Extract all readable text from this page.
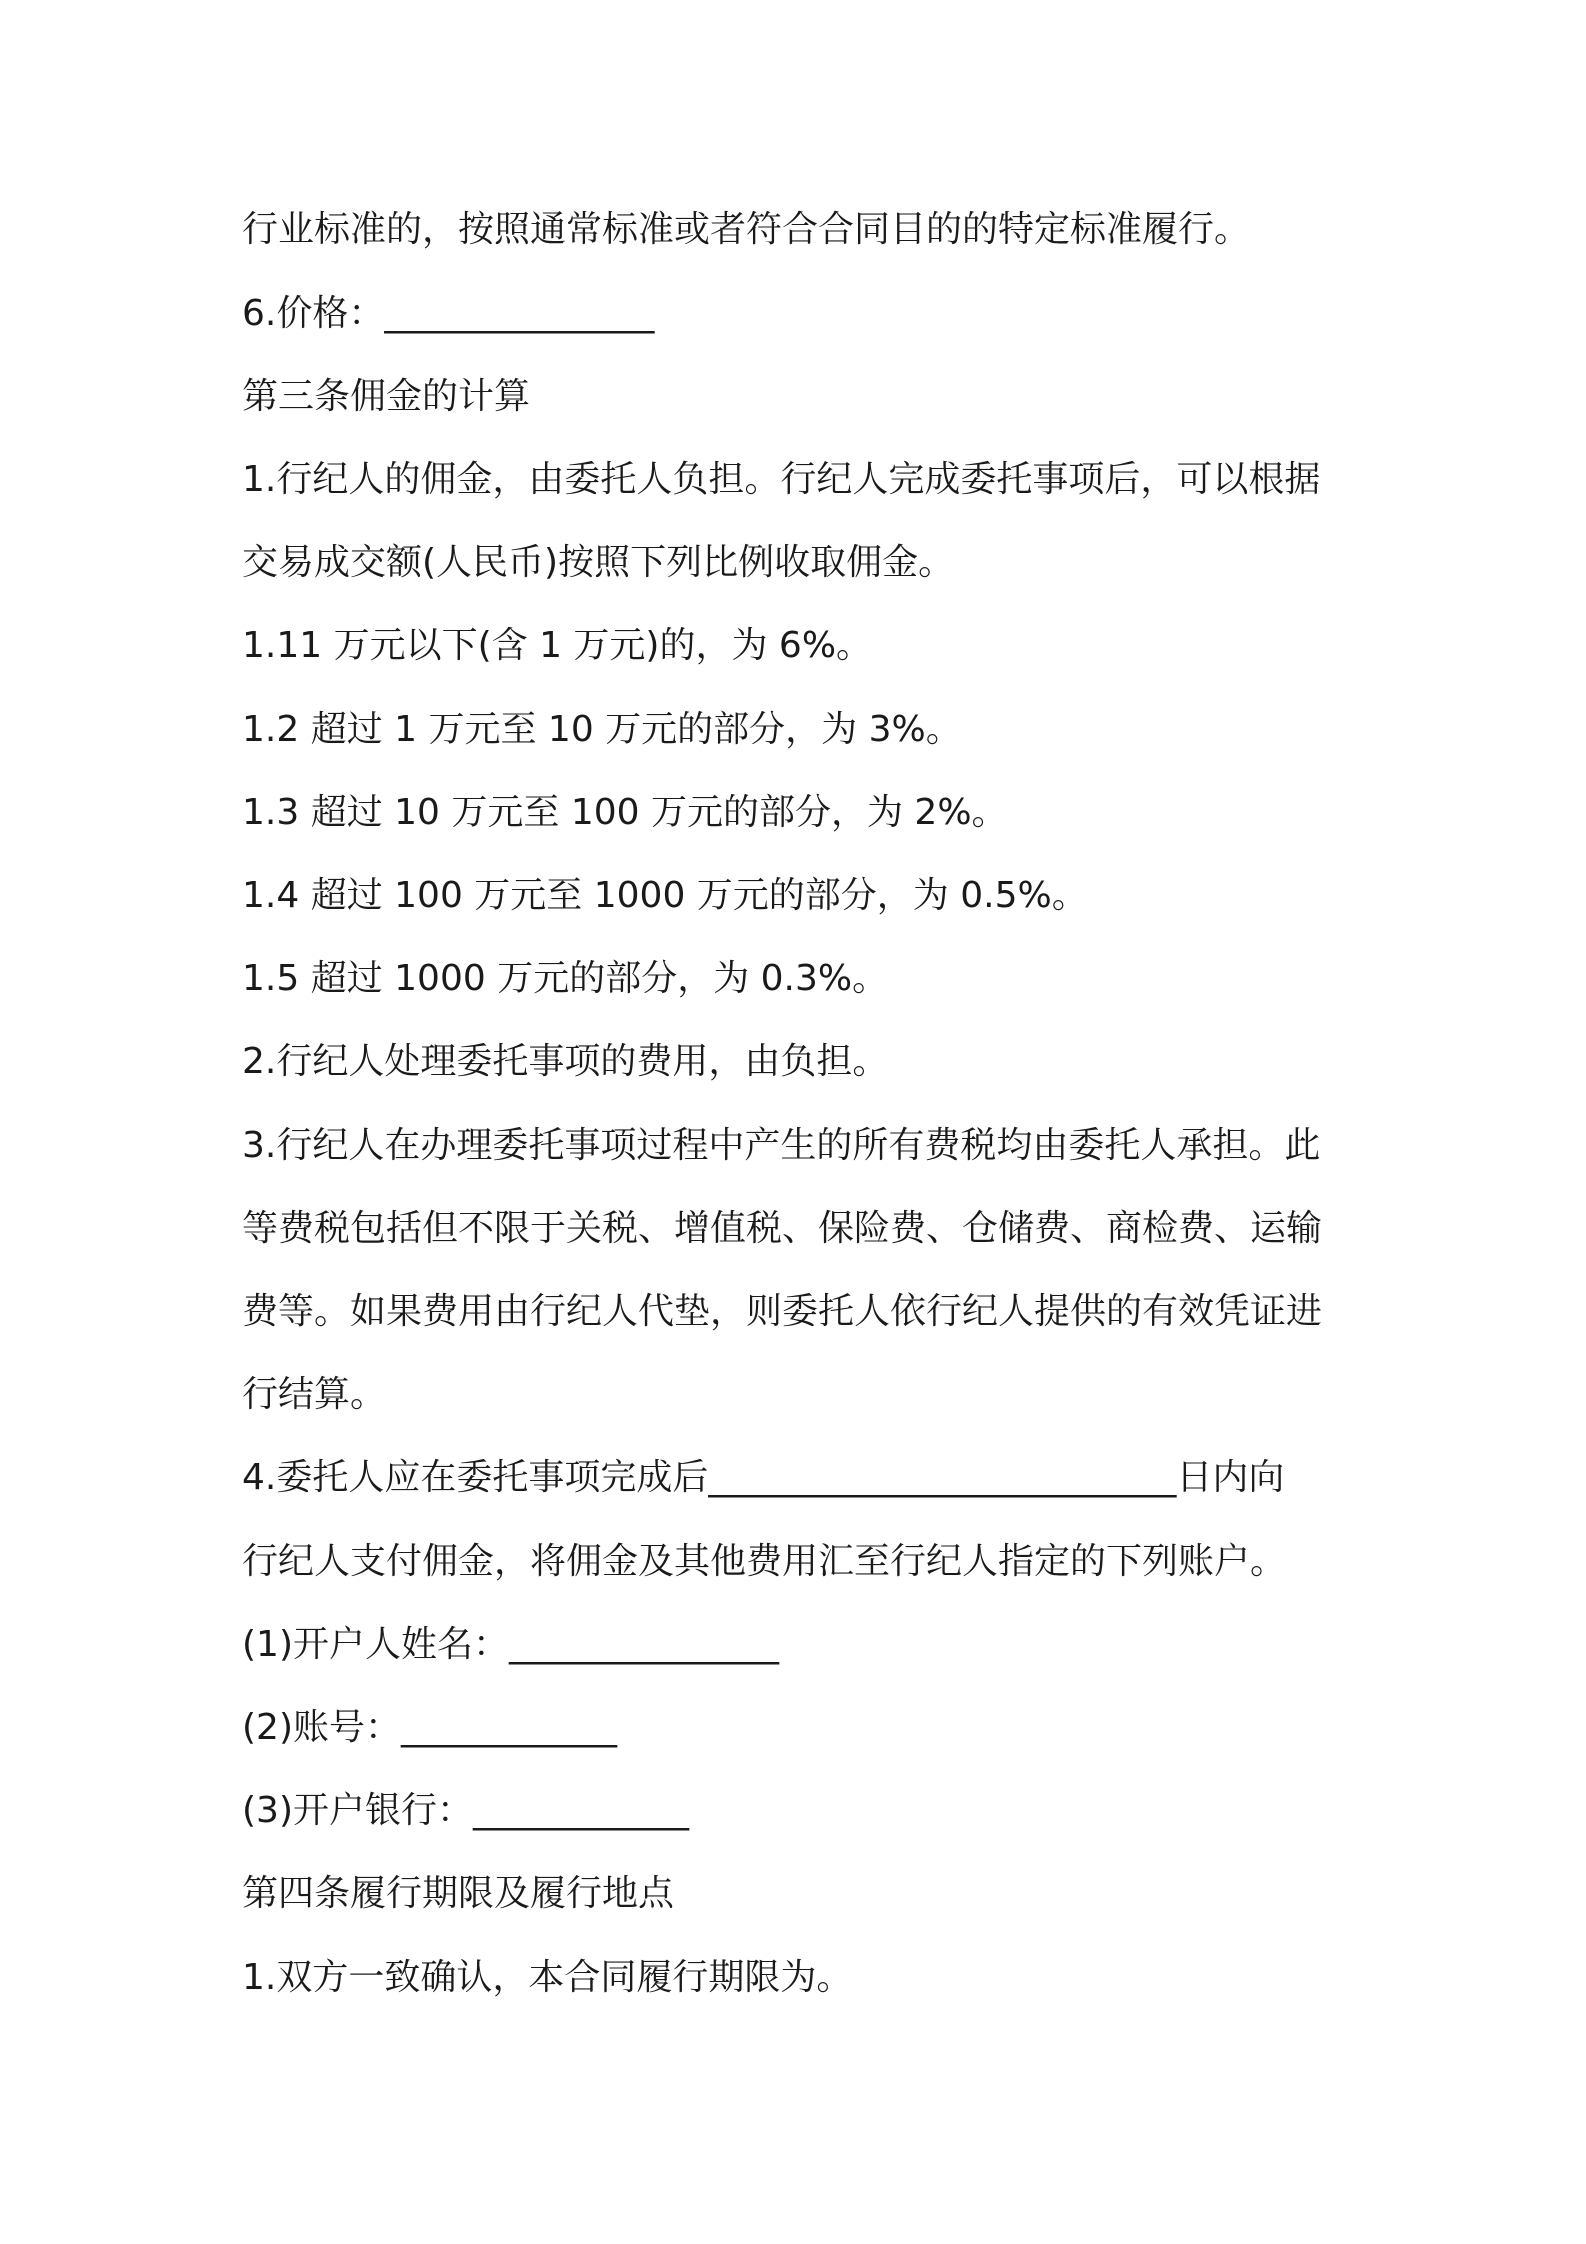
行业标准的，按照通常标准或者符合合同目的的特定标准履行。

6.价格：_______________

第三条佣金的计算

1.行纪人的佣金，由委托人负担。行纪人完成委托事项后，可以根据

交易成交额(人民币)按照下列比例收取佣金。

1.11 万元以下(含 1 万元)的，为 6%。

1.2 超过 1 万元至 10 万元的部分，为 3%。

1.3 超过 10 万元至 100 万元的部分，为 2%。

1.4 超过 100 万元至 1000 万元的部分，为 0.5%。

1.5 超过 1000 万元的部分，为 0.3%。

2.行纪人处理委托事项的费用，由负担。

3.行纪人在办理委托事项过程中产生的所有费税均由委托人承担。此

等费税包括但不限于关税、增值税、保险费、仓储费、商检费、运输

费等。如果费用由行纪人代垫，则委托人依行纪人提供的有效凭证进

行结算。

4.委托人应在委托事项完成后__________________________日内向

行纪人支付佣金，将佣金及其他费用汇至行纪人指定的下列账户。

(1)开户人姓名：_______________

(2)账号：____________

(3)开户银行：____________

第四条履行期限及履行地点

1.双方一致确认，本合同履行期限为。
